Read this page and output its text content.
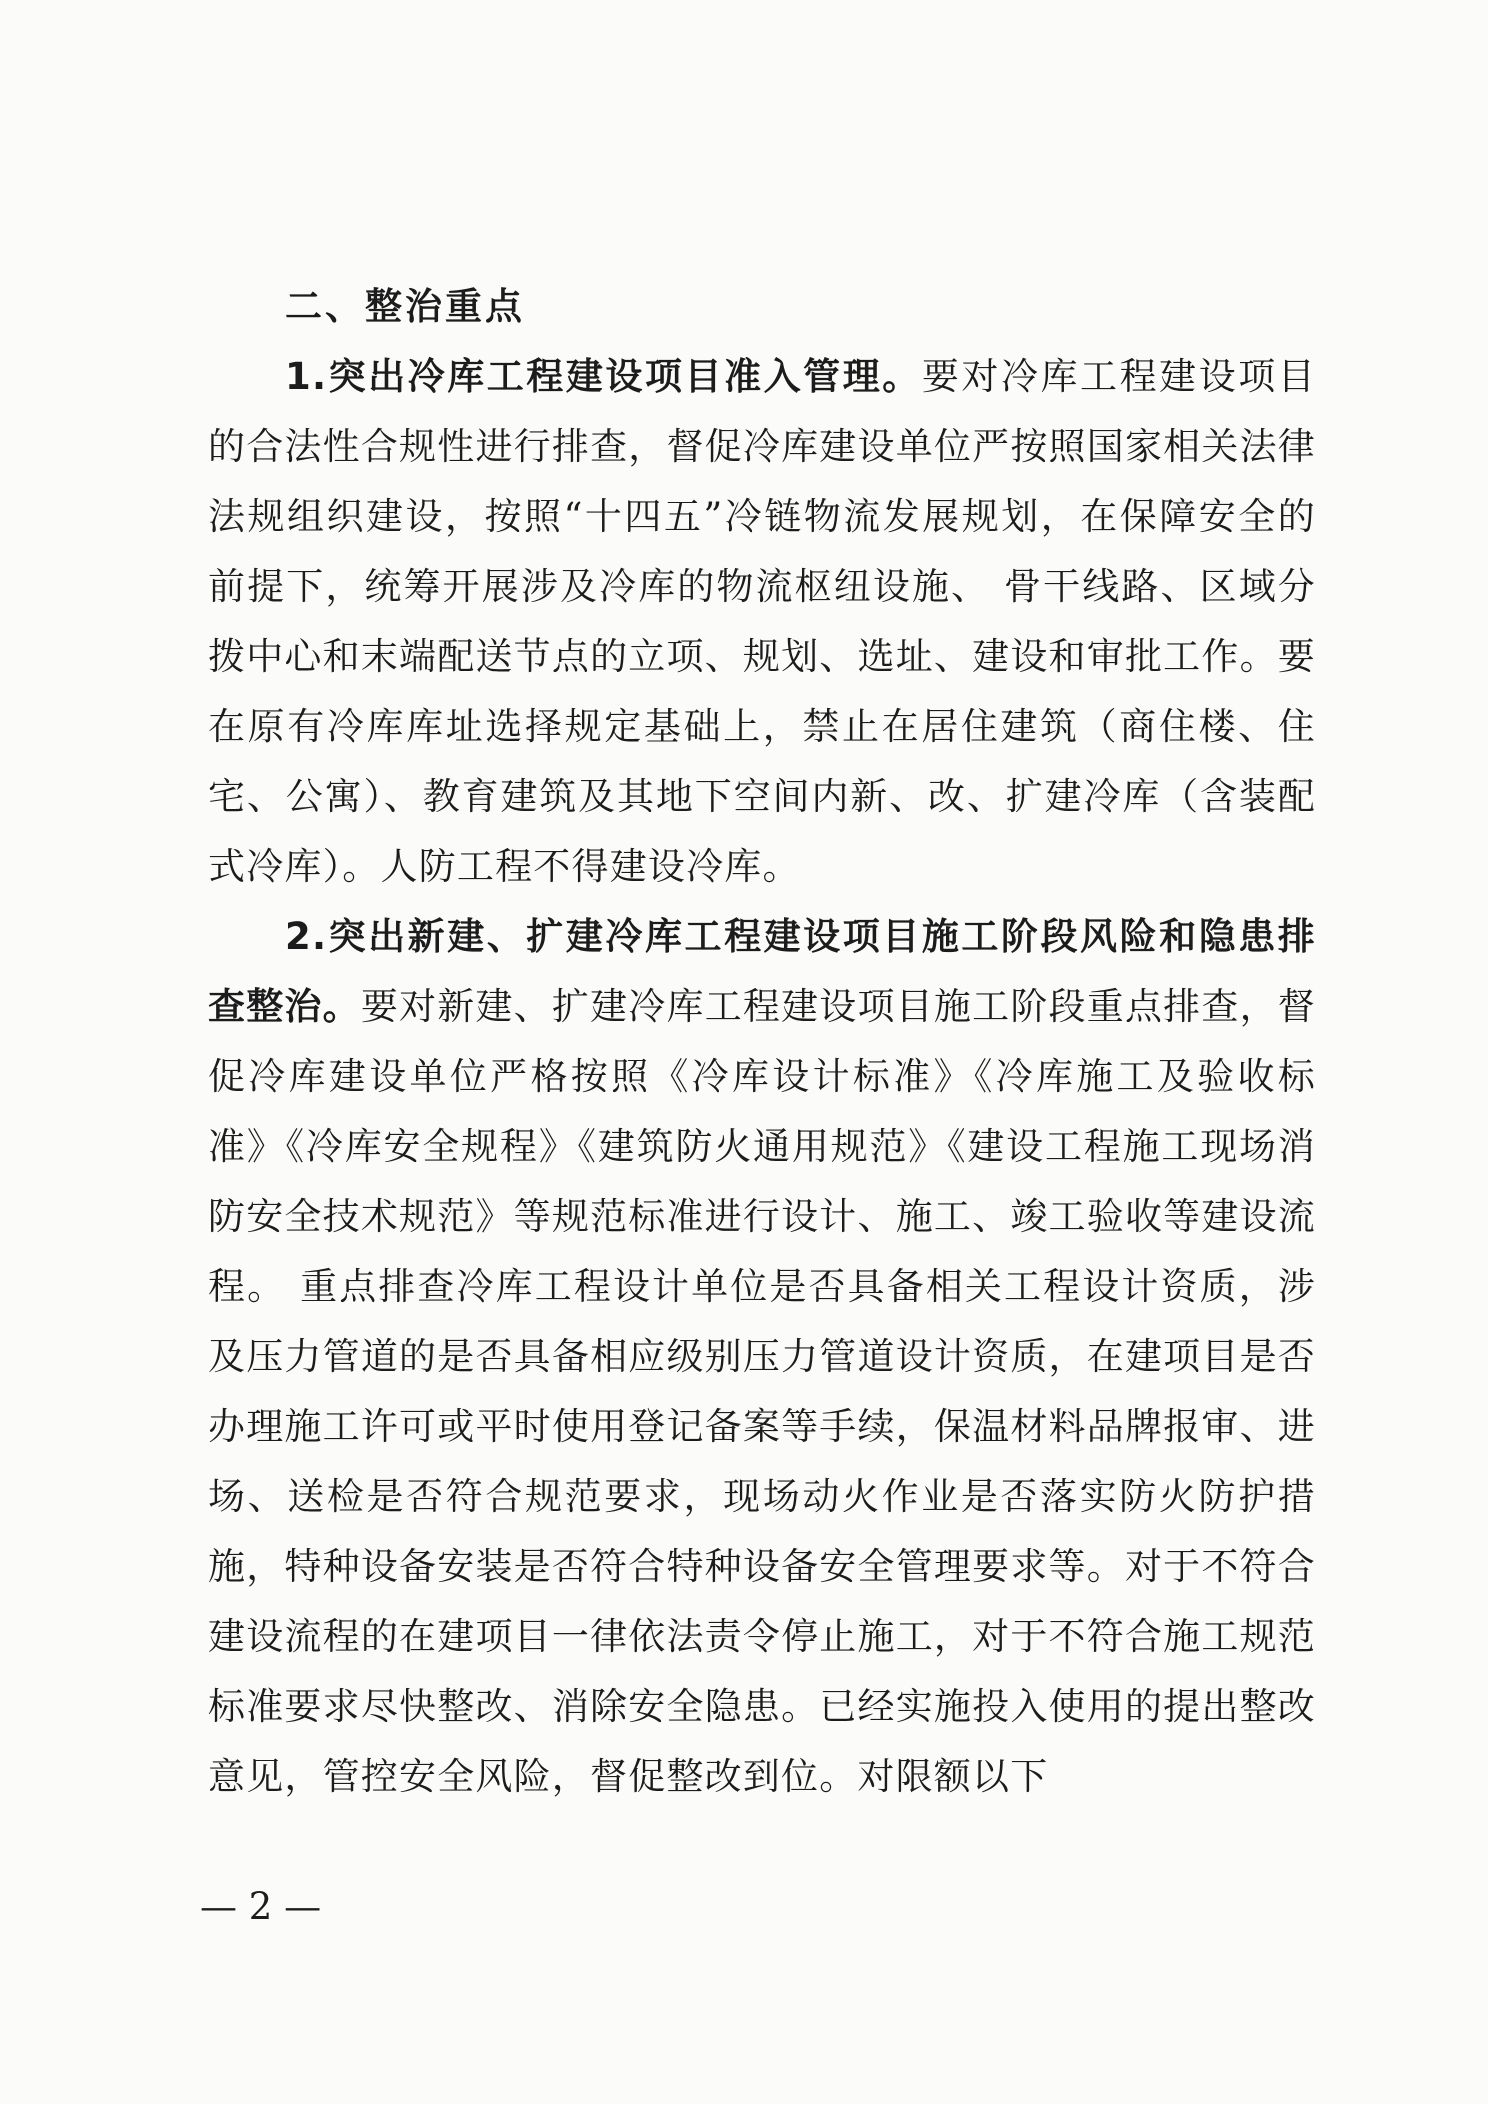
二、整治重点

1.突出冷库工程建设项目准入管理。要对冷库工程建设项目的合法性合规性进行排查，督促冷库建设单位严按照国家相关法律法规组织建设，按照“十四五”冷链物流发展规划，在保障安全的前提下，统筹开展涉及冷库的物流枢纽设施、 骨干线路、区域分拨中心和末端配送节点的立项、规划、选址、建设和审批工作。要在原有冷库库址选择规定基础上，禁止在居住建筑（商住楼、住宅、公寓）、教育建筑及其地下空间内新、改、扩建冷库（含装配式冷库）。人防工程不得建设冷库。

2.突出新建、扩建冷库工程建设项目施工阶段风险和隐患排查整治。要对新建、扩建冷库工程建设项目施工阶段重点排查，督促冷库建设单位严格按照《冷库设计标准》《冷库施工及验收标准》《冷库安全规程》《建筑防火通用规范》《建设工程施工现场消防安全技术规范》等规范标准进行设计、施工、竣工验收等建设流程。 重点排查冷库工程设计单位是否具备相关工程设计资质，涉及压力管道的是否具备相应级别压力管道设计资质，在建项目是否办理施工许可或平时使用登记备案等手续，保温材料品牌报审、进场、送检是否符合规范要求，现场动火作业是否落实防火防护措施，特种设备安装是否符合特种设备安全管理要求等。对于不符合建设流程的在建项目一律依法责令停止施工，对于不符合施工规范标准要求尽快整改、消除安全隐患。已经实施投入使用的提出整改意见，管控安全风险，督促整改到位。对限额以下

— 2 —
